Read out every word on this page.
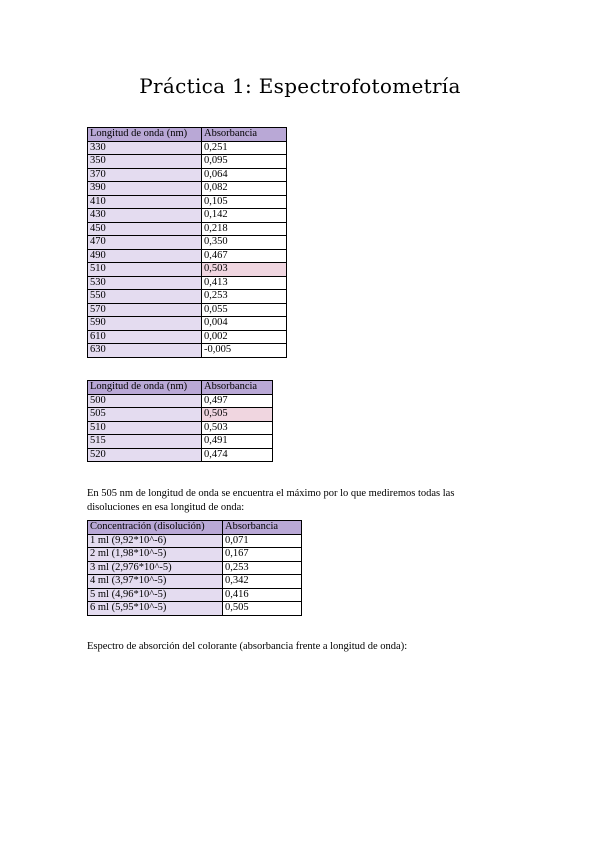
Práctica 1: Espectrofotometría
Longitud de onda (nm)	Absorbancia
330	0,251
350	0,095
370	0,064
390	0,082
410	0,105
430	0,142
450	0,218
470	0,350
490	0,467
510	0,503
530	0,413
550	0,253
570	0,055
590	0,004
610	0,002
630	-0,005
Longitud de onda (nm)	Absorbancia
500	0,497
505	0,505
510	0,503
515	0,491
520	0,474
En 505 nm de longitud de onda se encuentra el máximo por lo que mediremos todas las disoluciones en esa longitud de onda:
Concentración (disolución)	Absorbancia
1 ml (9,92*10^-6)	0,071
2 ml (1,98*10^-5)	0,167
3 ml (2,976*10^-5)	0,253
4 ml (3,97*10^-5)	0,342
5 ml (4,96*10^-5)	0,416
6 ml (5,95*10^-5)	0,505
Espectro de absorción del colorante (absorbancia frente a longitud de onda):
